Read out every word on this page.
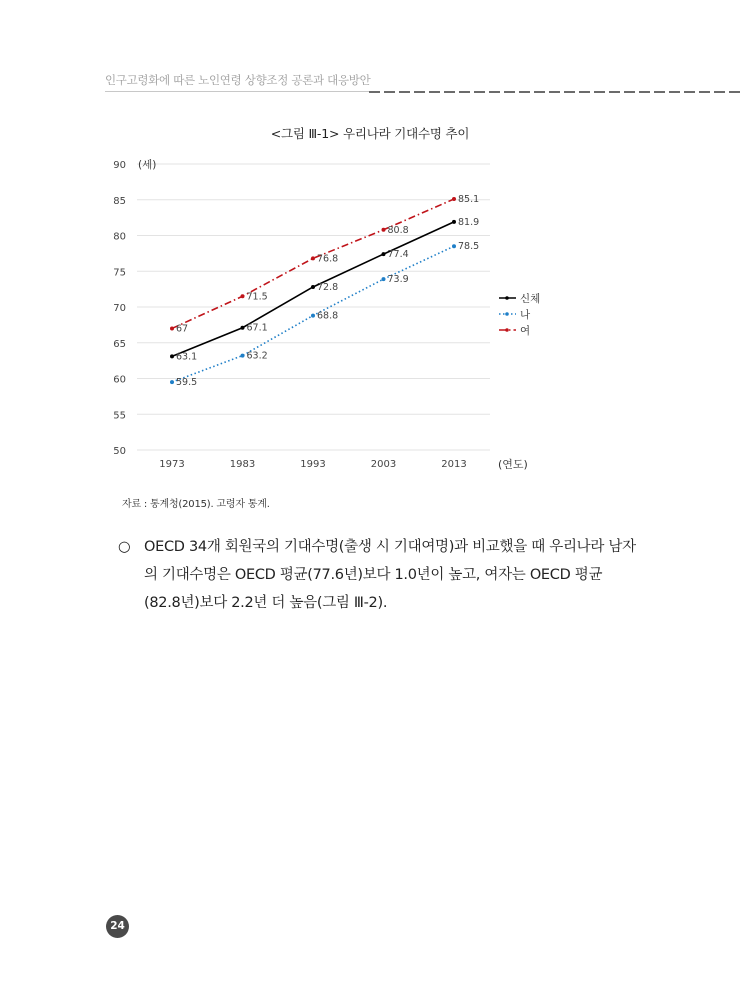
인구고령화에 따른 노인연령 상향조정 공론과 대응방안
<그림 Ⅲ-1> 우리나라 기대수명 추이
50
55
60
65
70
75
80
85
90 (세)
1973	1983	1993	2003	2013	(연도)
63.1
67.1
72.8
77.4
81.9
59.5
63.2
68.8
73.9
78.5
67
71.5
76.8
80.8
85.1
신체
나
여
자료 : 통계청(2015). 고령자 통계.
○ OECD 34개 회원국의 기대수명(출생 시 기대여명)과 비교했을 때 우리나라 남자의 기대수명은 OECD 평균(77.6년)보다 1.0년이 높고, 여자는 OECD 평균(82.8년)보다 2.2년 더 높음(그림 Ⅲ-2).
24
